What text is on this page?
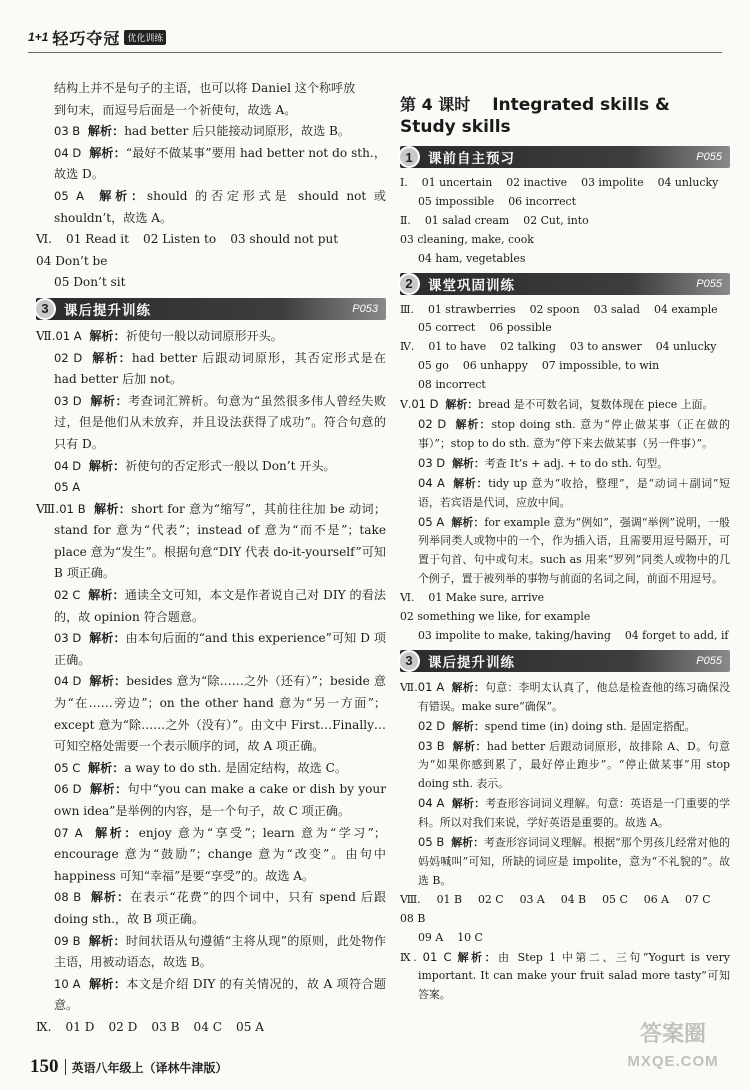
1+1 轻巧夺冠 优化训练
结构上并不是句子的主语，也可以将 Daniel 这个称呼放
到句末，而逗号后面是一个祈使句，故选 A。
03 B 解析：had better 后只能接动词原形，故选 B。
04 D 解析：“最好不做某事”要用 had better not do sth.，故选 D。
05 A 解析：should 的否定形式是 should not 或 shouldn’t，故选 A。
Ⅵ. 01 Read it 02 Listen to 03 should not put
04 Don’t be
05 Don’t sit
3	课后提升训练	P053
Ⅶ.01 A 解析：祈使句一般以动词原形开头。
02 D 解析：had better 后跟动词原形，其否定形式是在 had better 后加 not。
03 D 解析：考查词汇辨析。句意为“虽然很多伟人曾经失败过，但是他们从未放弃，并且设法获得了成功”。符合句意的只有 D。
04 D 解析：祈使句的否定形式一般以 Don’t 开头。
05 A
Ⅷ.01 B 解析：short for 意为“缩写”，其前往往加 be 动词；stand for 意为“代表”；instead of 意为“而不是”；take place 意为“发生”。根据句意“DIY 代表 do-it-yourself”可知 B 项正确。
02 C 解析：通读全文可知，本文是作者说自己对 DIY 的看法的，故 opinion 符合题意。
03 D 解析：由本句后面的“and this experience”可知 D 项正确。
04 D 解析：besides 意为“除……之外（还有）”；beside 意为“在……旁边”；on the other hand 意为“另一方面”；except 意为“除……之外（没有）”。由文中 First…Finally…可知空格处需要一个表示顺序的词，故 A 项正确。
05 C 解析：a way to do sth. 是固定结构，故选 C。
06 D 解析：句中“you can make a cake or dish by your own idea”是举例的内容，是一个句子，故 C 项正确。
07 A 解析：enjoy 意为“享受”；learn 意为“学习”；encourage 意为“鼓励”；change 意为“改变”。由句中 happiness 可知“幸福”是要“享受”的。故选 A。
08 B 解析：在表示“花费”的四个词中，只有 spend 后跟 doing sth.，故 B 项正确。
09 B 解析：时间状语从句遵循“主将从现”的原则，此处物作主语，用被动语态，故选 B。
10 A 解析：本文是介绍 DIY 的有关情况的，故 A 项符合题意。
Ⅸ. 01 D 02 D 03 B 04 C 05 A
第 4 课时 Integrated skills & Study skills
1	课前自主预习	P055
Ⅰ. 01 uncertain 02 inactive 03 impolite 04 unlucky
05 impossible 06 incorrect
Ⅱ. 01 salad cream 02 Cut, into
03 cleaning, make, cook
04 ham, vegetables
2	课堂巩固训练	P055
Ⅲ. 01 strawberries 02 spoon 03 salad 04 example
05 correct 06 possible
Ⅳ. 01 to have 02 talking 03 to answer 04 unlucky
05 go 06 unhappy 07 impossible, to win
08 incorrect
Ⅴ.01 D 解析：bread 是不可数名词，复数体现在 piece 上面。
02 D 解析：stop doing sth. 意为“停止做某事（正在做的事）”；stop to do sth. 意为“停下来去做某事（另一件事）”。
03 D 解析：考查 It’s + adj. + to do sth. 句型。
04 A 解析：tidy up 意为“收拾，整理”，是“动词＋副词”短语，若宾语是代词，应放中间。
05 A 解析：for example 意为“例如”，强调“举例”说明，一般列举同类人或物中的一个，作为插入语，且需要用逗号隔开，可置于句首、句中或句末。such as 用来“罗列”同类人或物中的几个例子，置于被列举的事物与前面的名词之间，前面不用逗号。
Ⅵ. 01 Make sure, arrive
02 something we like, for example
03 impolite to make, taking/having 04 forget to add, if
3	课后提升训练	P055
Ⅶ.01 A 解析：句意：李明太认真了，他总是检查他的练习确保没有错误。make sure“确保”。
02 D 解析：spend time (in) doing sth. 是固定搭配。
03 B 解析：had better 后跟动词原形，故排除 A、D。句意为“如果你感到累了，最好停止跑步”。“停止做某事”用 stop doing sth. 表示。
04 A 解析：考查形容词词义理解。句意：英语是一门重要的学科。所以对我们来说，学好英语是重要的。故选 A。
05 B 解析：考查形容词词义理解。根据“那个男孩儿经常对他的妈妈喊叫”可知，所缺的词应是 impolite，意为“不礼貌的”。故选 B。
Ⅷ. 01 B 02 C 03 A 04 B 05 C 06 A 07 C
08 B
09 A 10 C
Ⅸ. 01 C 解析：由 Step 1 中第二、三句“Yogurt is very important. It can make your fruit salad more tasty”可知答案。
150 英语八年级上（译林牛津版）
答案圈
MXQE.COM
